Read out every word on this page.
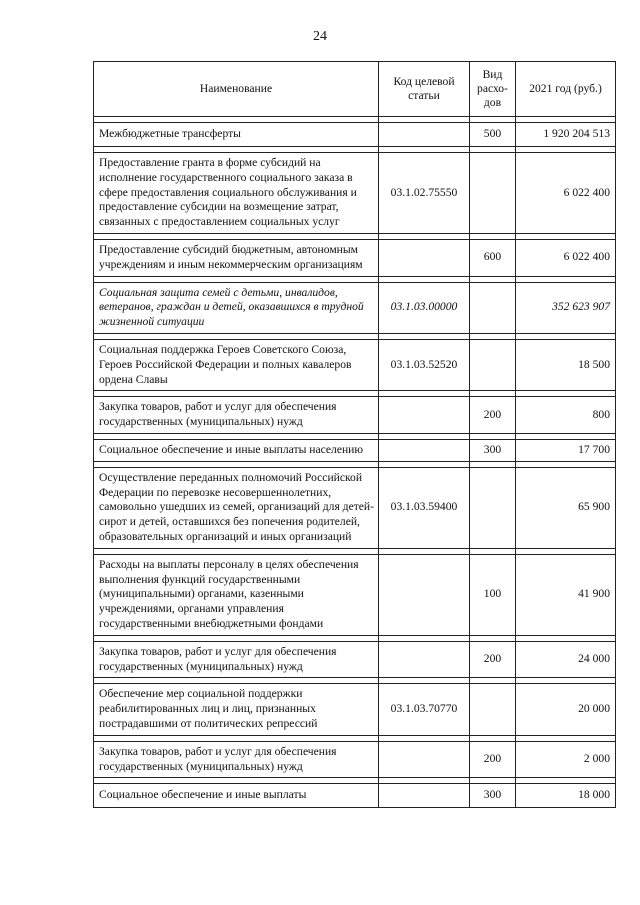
24
Наименование	Код целевой статьи	Вид расхо-дов	2021 год (руб.)

Межбюджетные трансферты		500	1 920 204 513

Предоставление гранта в форме субсидий на исполнение государственного социального заказа в сфере предоставления социального обслуживания и предоставление субсидии на возмещение затрат, связанных с предоставлением социальных услуг	03.1.02.75550		6 022 400

Предоставление субсидий бюджетным, автономным учреждениям и иным некоммерческим организациям		600	6 022 400

Социальная защита семей с детьми, инвалидов, ветеранов, граждан и детей, оказавшихся в трудной жизненной ситуации	03.1.03.00000		352 623 907

Социальная поддержка Героев Советского Союза, Героев Российской Федерации и полных кавалеров ордена Славы	03.1.03.52520		18 500

Закупка товаров, работ и услуг для обеспечения государственных (муниципальных) нужд		200	800

Социальное обеспечение и иные выплаты населению		300	17 700

Осуществление переданных полномочий Российской Федерации по перевозке несовершеннолетних, самовольно ушедших из семей, организаций для детей-сирот и детей, оставшихся без попечения родителей, образовательных организаций и иных организаций	03.1.03.59400		65 900

Расходы на выплаты персоналу в целях обеспечения выполнения функций государственными (муниципальными) органами, казенными учреждениями, органами управления государственными внебюджетными фондами		100	41 900

Закупка товаров, работ и услуг для обеспечения государственных (муниципальных) нужд		200	24 000

Обеспечение мер социальной поддержки реабилитированных лиц и лиц, признанных пострадавшими от политических репрессий	03.1.03.70770		20 000

Закупка товаров, работ и услуг для обеспечения государственных (муниципальных) нужд		200	2 000

Социальное обеспечение и иные выплаты		300	18 000
